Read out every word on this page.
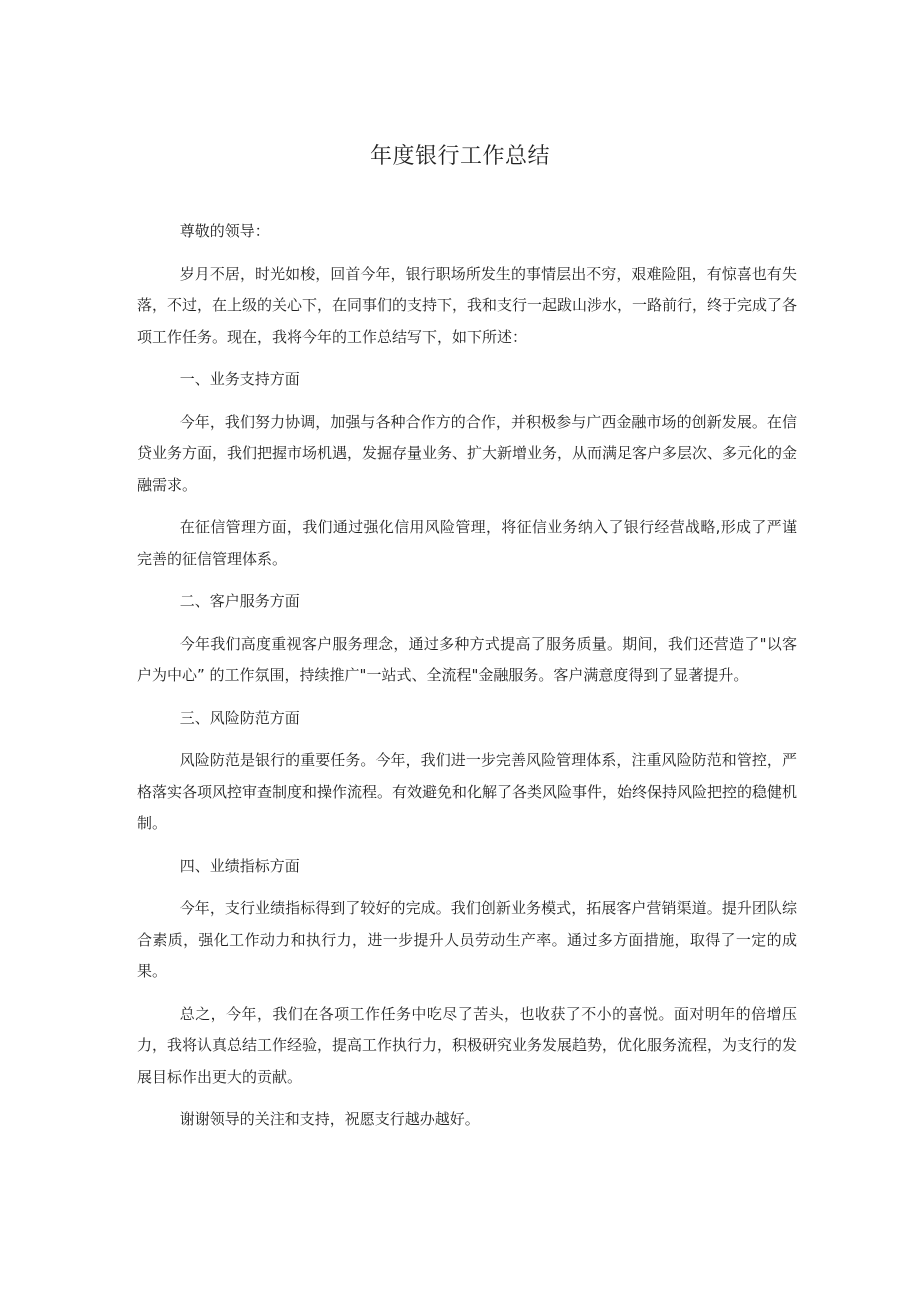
年度银行工作总结

尊敬的领导：

岁月不居，时光如梭，回首今年，银行职场所发生的事情层出不穷，艰难险阻，有惊喜也有失落，不过，在上级的关心下，在同事们的支持下，我和支行一起跋山涉水，一路前行，终于完成了各项工作任务。现在，我将今年的工作总结写下，如下所述：

一、业务支持方面

今年，我们努力协调，加强与各种合作方的合作，并积极参与广西金融市场的创新发展。在信贷业务方面，我们把握市场机遇，发掘存量业务、扩大新增业务，从而满足客户多层次、多元化的金融需求。

在征信管理方面，我们通过强化信用风险管理，将征信业务纳入了银行经营战略,形成了严谨完善的征信管理体系。

二、客户服务方面

今年我们高度重视客户服务理念，通过多种方式提高了服务质量。期间，我们还营造了"以客户为中心” 的工作氛围，持续推广"一站式、全流程"金融服务。客户满意度得到了显著提升。

三、风险防范方面

风险防范是银行的重要任务。今年，我们进一步完善风险管理体系，注重风险防范和管控，严格落实各项风控审查制度和操作流程。有效避免和化解了各类风险事件，始终保持风险把控的稳健机制。

四、业绩指标方面

今年，支行业绩指标得到了较好的完成。我们创新业务模式，拓展客户营销渠道。提升团队综合素质，强化工作动力和执行力，进一步提升人员劳动生产率。通过多方面措施，取得了一定的成果。

总之，今年，我们在各项工作任务中吃尽了苦头，也收获了不小的喜悦。面对明年的倍增压力，我将认真总结工作经验，提高工作执行力，积极研究业务发展趋势，优化服务流程，为支行的发展目标作出更大的贡献。

谢谢领导的关注和支持，祝愿支行越办越好。
